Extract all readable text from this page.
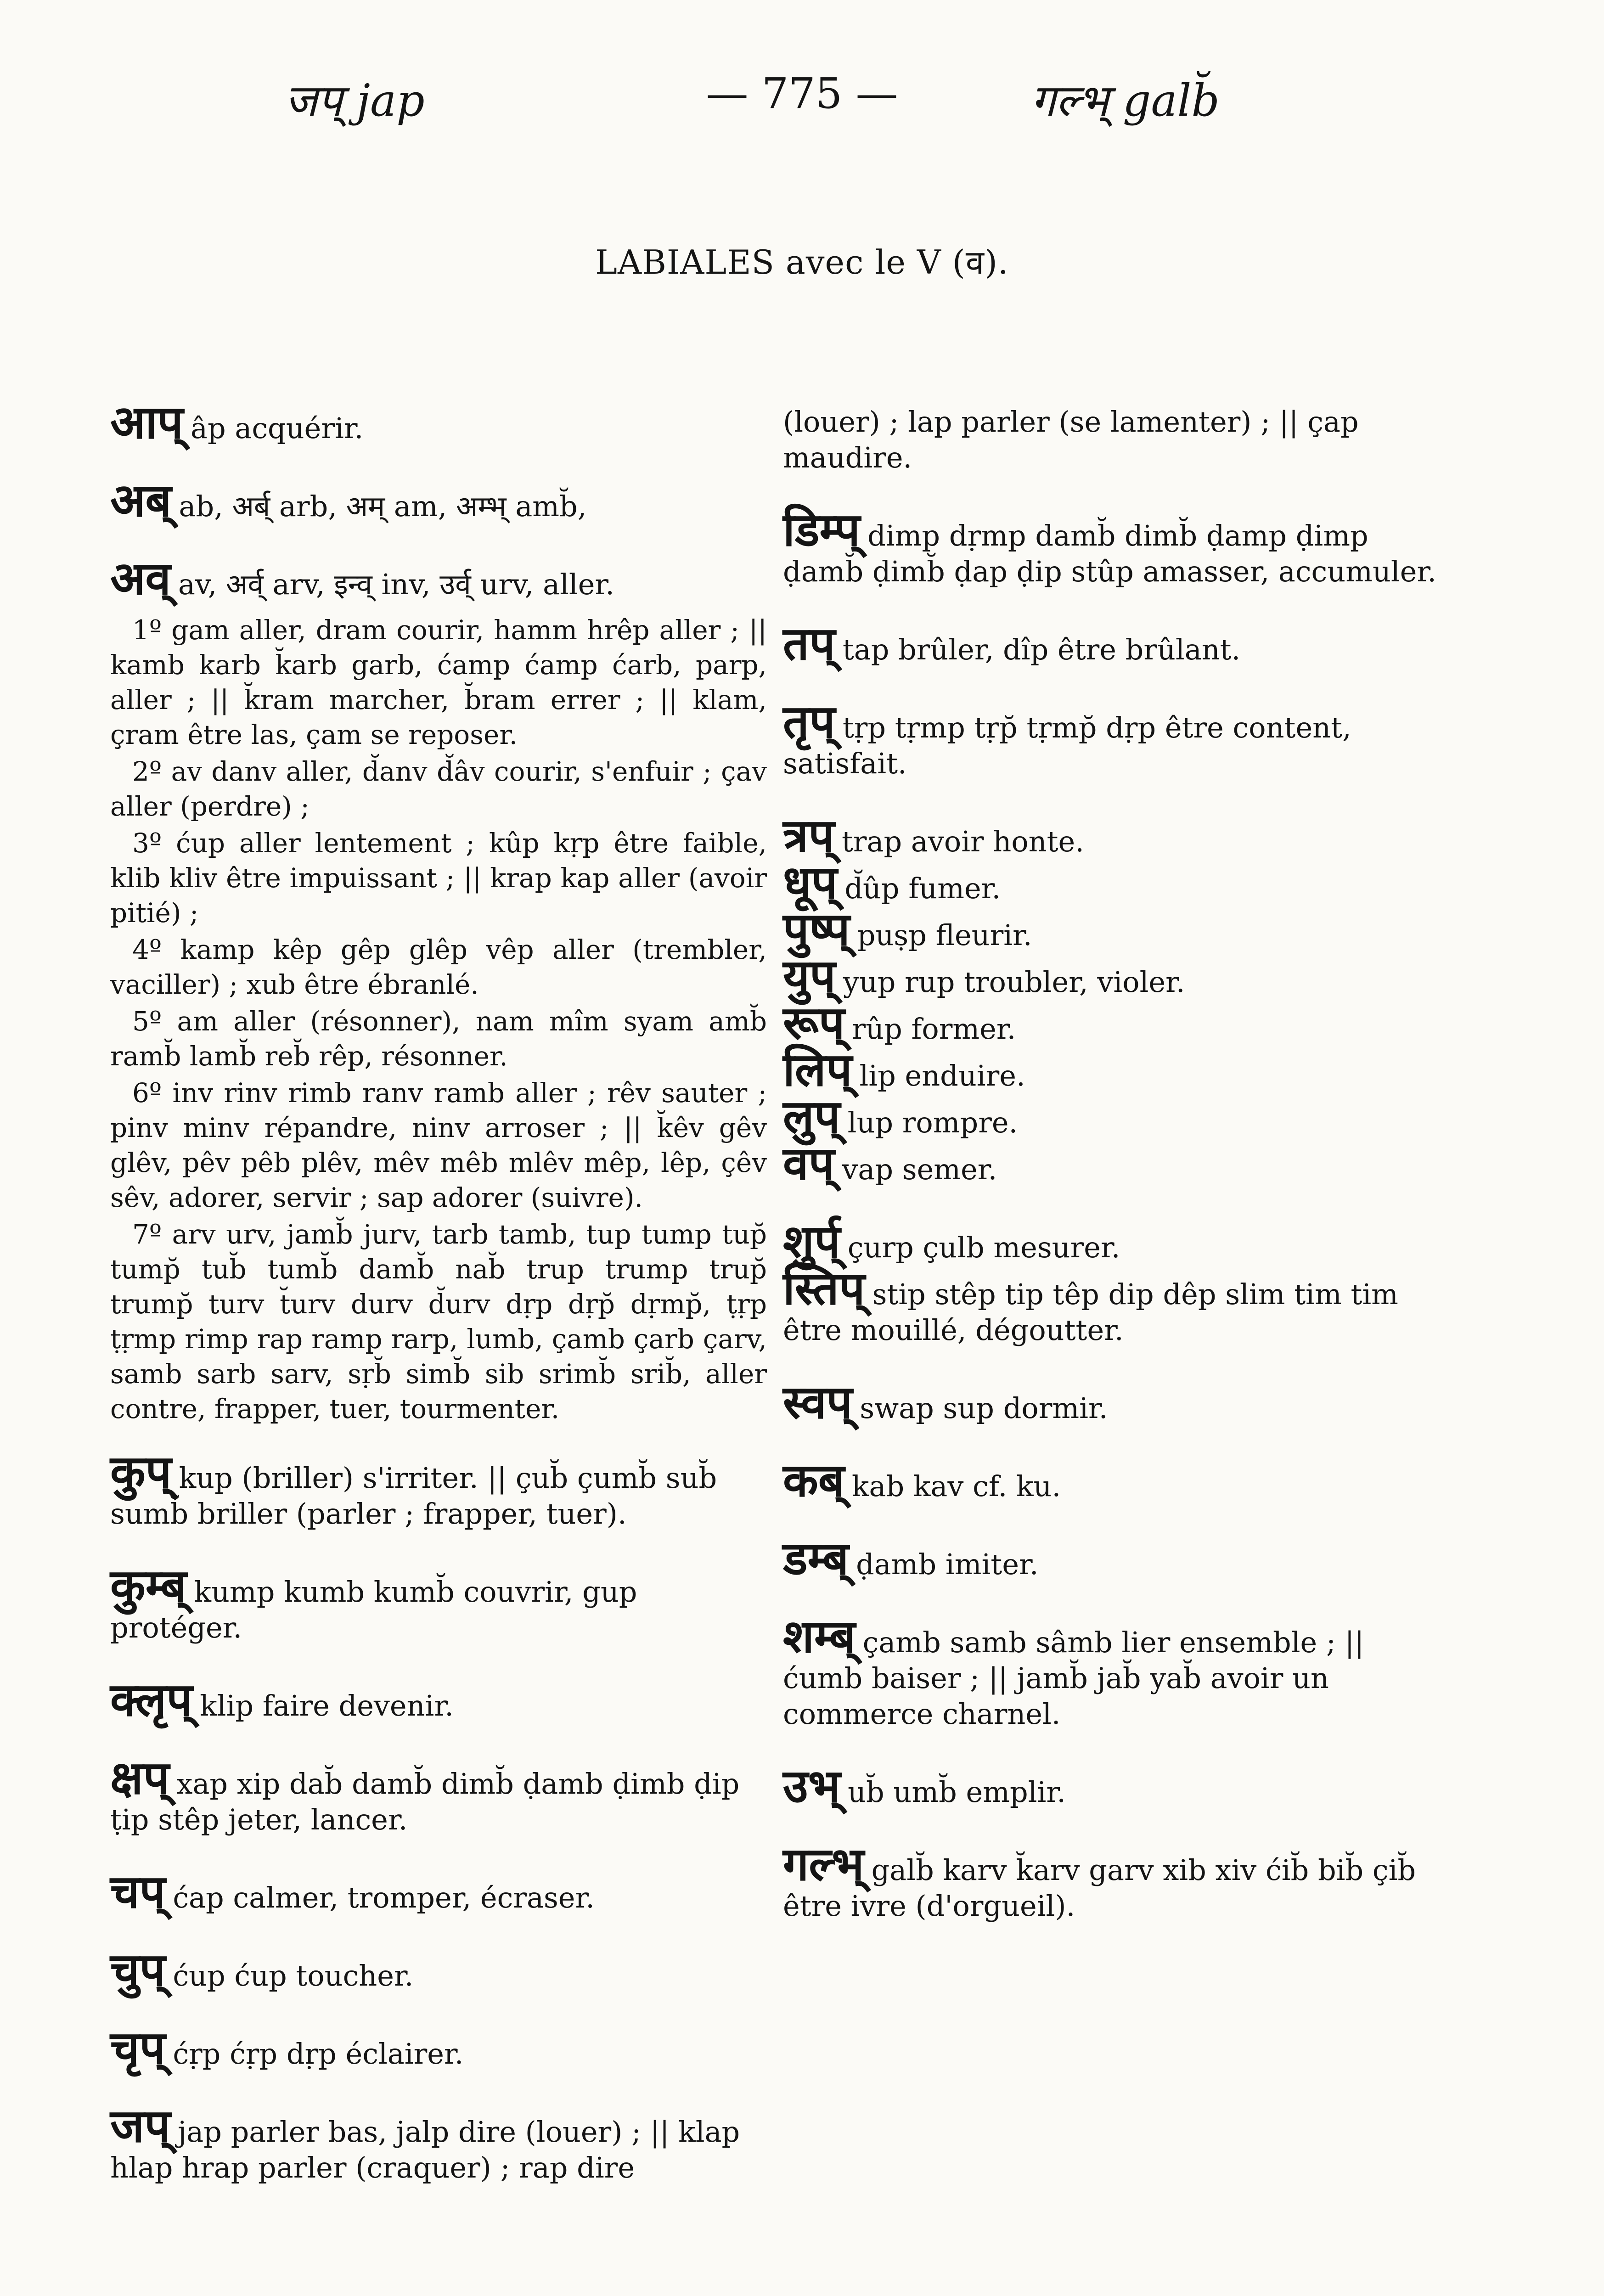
जप् jap	— 775 —	गल्भ् galb̆
LABIALES avec le V (व).
आप् âp acquérir.
अब् ab, अर्ब् arb, अम् am, अम्भ् amb̆,
अव् av, अर्व् arv, इन्व् inv, उर्व् urv, aller.
1º gam aller, dram courir, hamm hrêp aller ; || kamb karb k̆arb garb, ćamp ćamp ćarb, parp, aller ; || k̆ram marcher, b̆ram errer ; || klam, çram être las, çam se reposer.
2º av danv aller, d̆anv d̆âv courir, s'enfuir ; çav aller (perdre) ;
3º ćup aller lentement ; kûp kṛp être faible, klib kliv être impuissant ; || krap kap aller (avoir pitié) ;
4º kamp kêp gêp glêp vêp aller (trembler, vaciller) ; xub être ébranlé.
5º am aller (résonner), nam mîm syam amb̆ ramb̆ lamb̆ reb̆ rêp, résonner.
6º inv rinv rimb ranv ramb aller ; rêv sauter ; pinv minv répandre, ninv arroser ; || k̆êv gêv glêv, pêv pêb plêv, mêv mêb mlêv mêp, lêp, çêv sêv, adorer, servir ; sap adorer (suivre).
7º arv urv, jamb̆ jurv, tarb tamb, tup tump tup̆ tump̆ tub̆ tumb̆ damb̆ nab̆ trup trump trup̆ trump̆ turv t̆urv durv d̆urv dṛp dṛp̆ dṛmp̆, ṭṛp ṭṛmp rimp rap ramp rarp, lumb, çamb çarb çarv, samb sarb sarv, sṛb̆ simb̆ sib srimb̆ srib̆, aller contre, frapper, tuer, tourmenter.
कुप् kup (briller) s'irriter. || çub̆ çumb̆ sub̆ sumb̆ briller (parler ; frapper, tuer).
कुम्ब् kump kumb kumb̆ couvrir, gup protéger.
क्लृप् klip faire devenir.
क्षप् xap xip dab̆ damb̆ dimb̆ ḍamb ḍimb ḍip ṭip stêp jeter, lancer.
चप् ćap calmer, tromper, écraser.
चुप् ćup ćup toucher.
चृप् ćṛp ćṛp dṛp éclairer.
जप् jap parler bas, jalp dire (louer) ; || klap hlap hrap parler (craquer) ; rap dire
(louer) ; lap parler (se lamenter) ; || çap maudire.
डिम्प् dimp dṛmp damb̆ dimb̆ ḍamp ḍimp ḍamb̆ ḍimb̆ ḍap ḍip stûp amasser, accumuler.
तप् tap brûler, dîp être brûlant.
तृप् tṛp tṛmp tṛp̆ tṛmp̆ dṛp être content, satisfait.
त्रप् trap avoir honte.
धूप् d̆ûp fumer.
पुष्प् puṣp fleurir.
युप् yup rup troubler, violer.
रूप् rûp former.
लिप् lip enduire.
लुप् lup rompre.
वप् vap semer.
शुर्प् çurp çulb mesurer.
स्तिप् stip stêp tip têp dip dêp slim tim tim être mouillé, dégoutter.
स्वप् swap sup dormir.
कब् kab kav cf. ku.
डम्ब् ḍamb imiter.
शम्ब् çamb samb sâmb lier ensemble ; || ćumb baiser ; || jamb̆ jab̆ yab̆ avoir un commerce charnel.
उभ् ub̆ umb̆ emplir.
गल्भ् galb̆ karv k̆arv garv xib xiv ćib̆ bib̆ çib̆ être ivre (d'orgueil).
